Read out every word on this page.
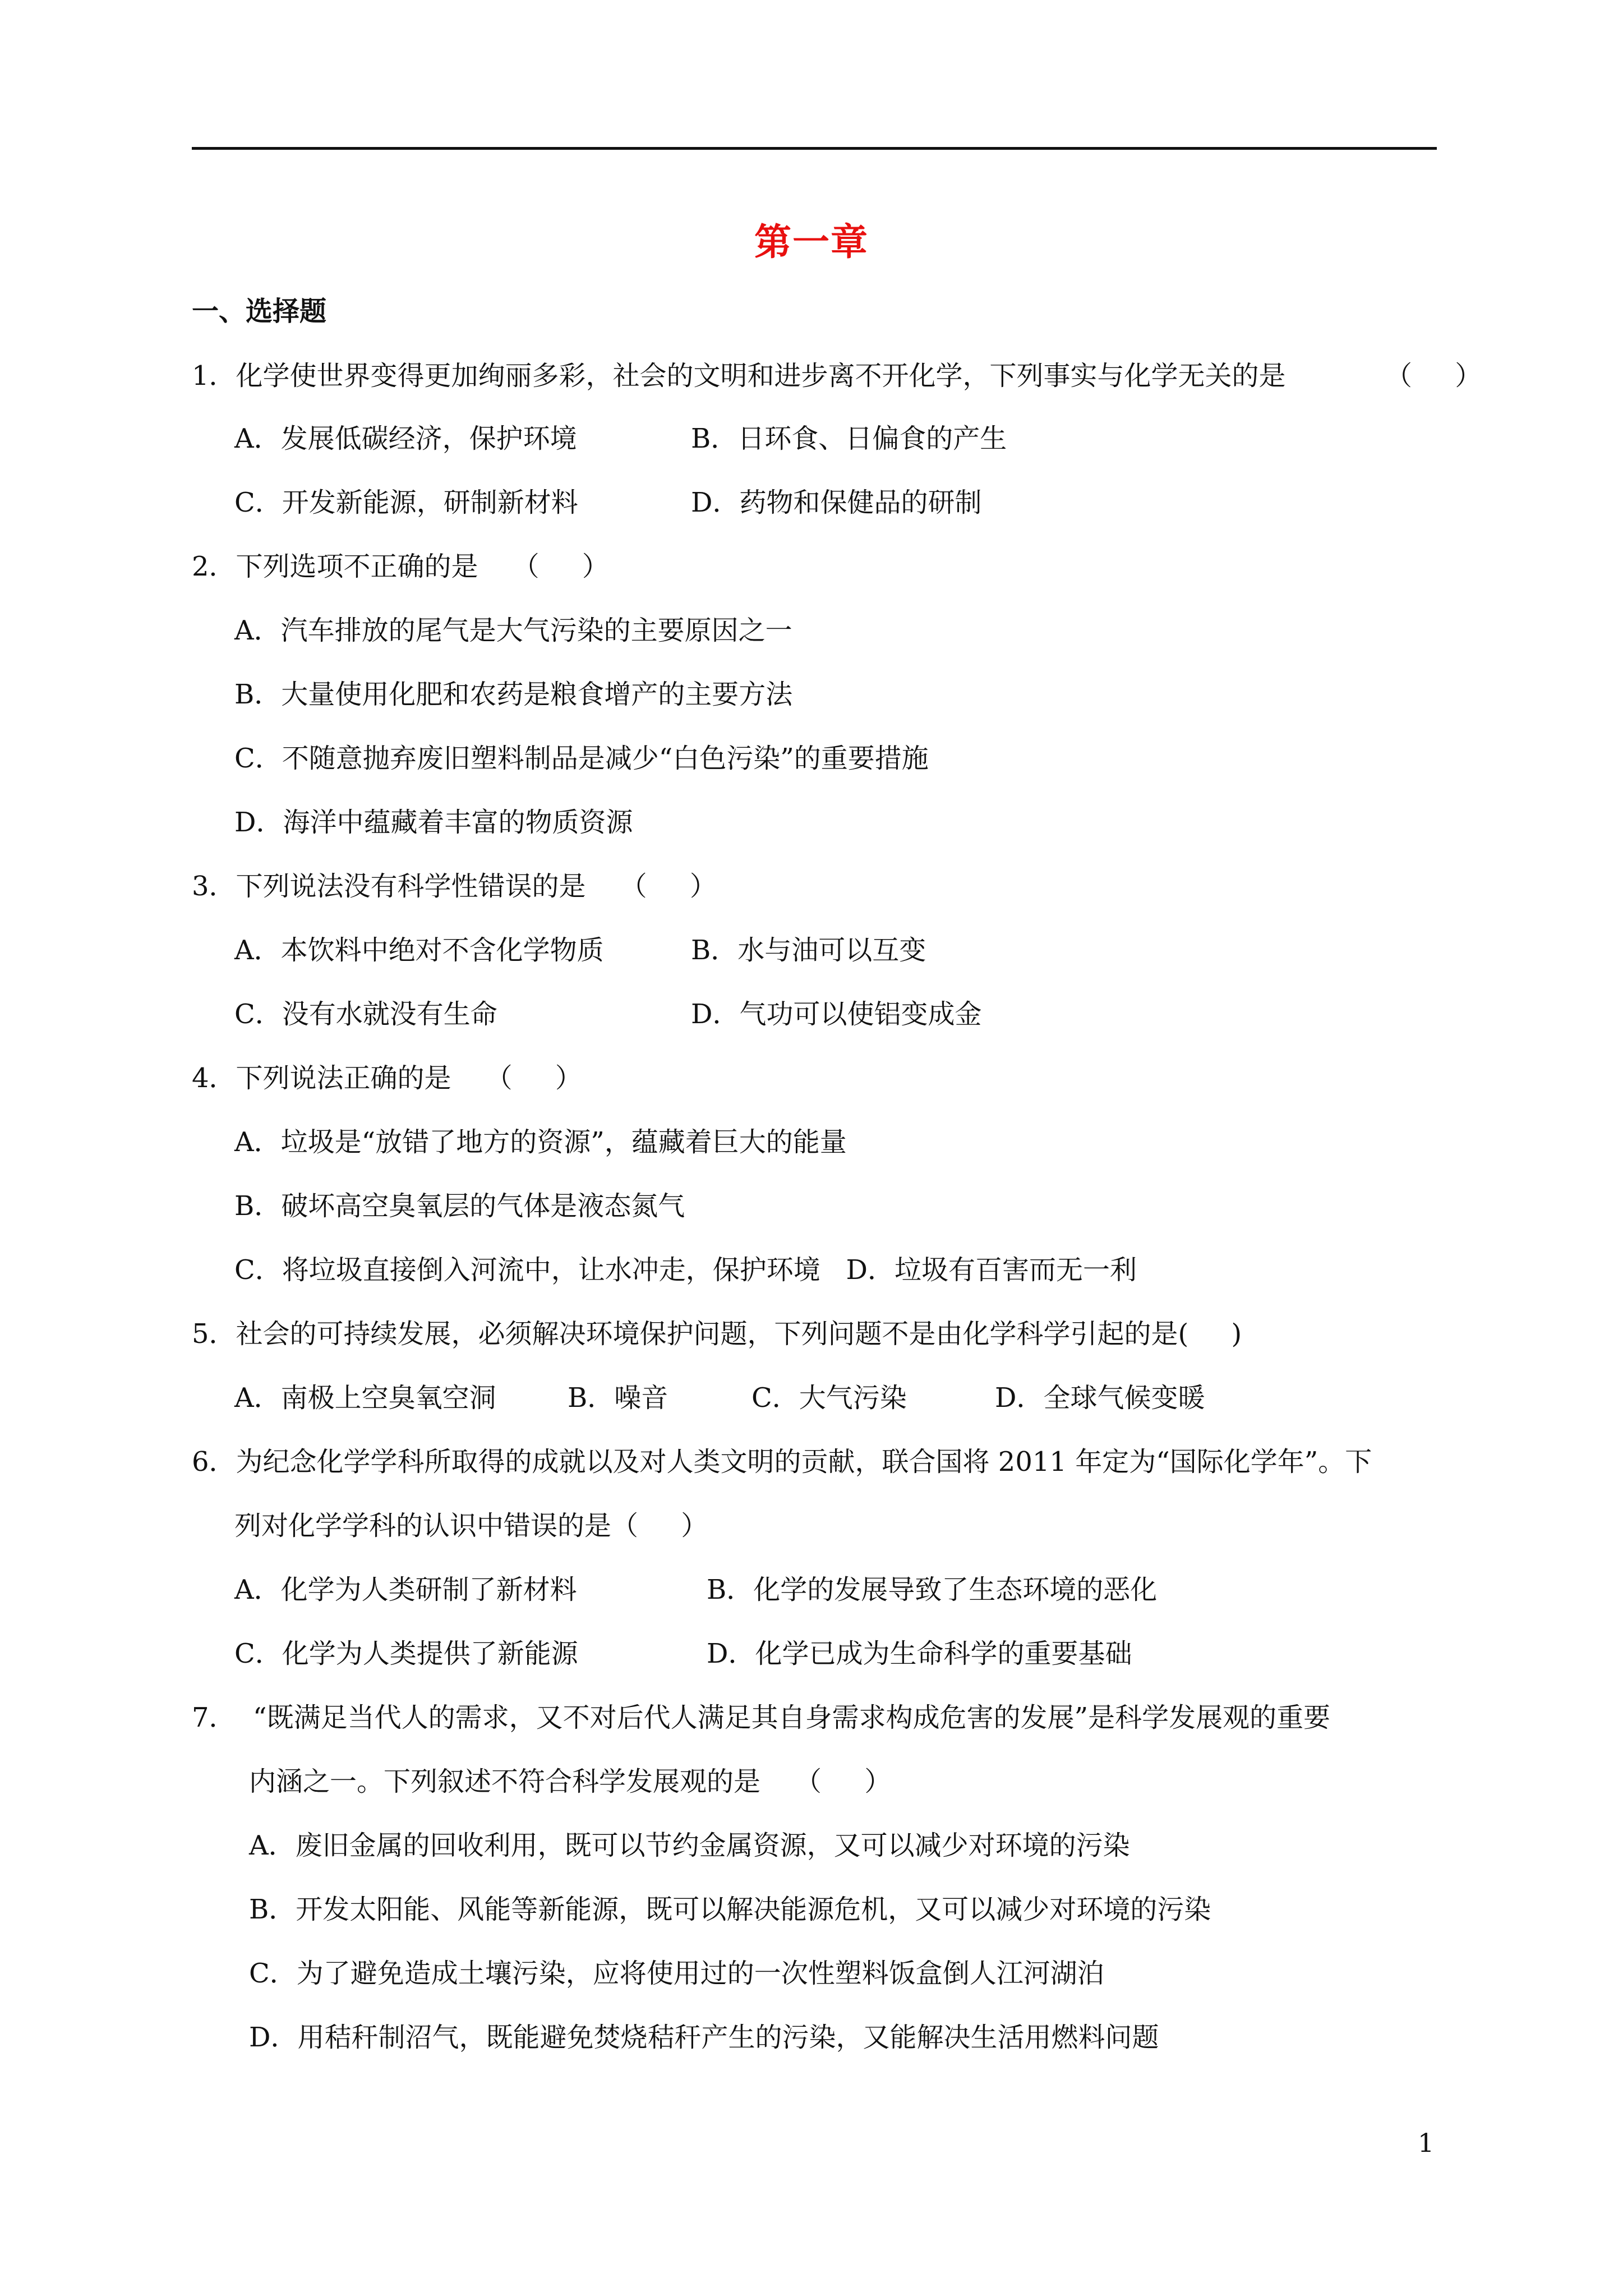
第一章
一、选择题
1．化学使世界变得更加绚丽多彩，社会的文明和进步离不开化学，下列事实与化学无关的是	（     ）
A．发展低碳经济，保护环境	B．日环食、日偏食的产生
C．开发新能源，研制新材料	D．药物和保健品的研制
2．下列选项不正确的是    （     ）
A．汽车排放的尾气是大气污染的主要原因之一
B．大量使用化肥和农药是粮食增产的主要方法
C．不随意抛弃废旧塑料制品是减少“白色污染”的重要措施
D．海洋中蕴藏着丰富的物质资源
3．下列说法没有科学性错误的是    （     ）
A．本饮料中绝对不含化学物质	B．水与油可以互变
C．没有水就没有生命	D．气功可以使铝变成金
4．下列说法正确的是    （     ）
A．垃圾是“放错了地方的资源”，蕴藏着巨大的能量
B．破坏高空臭氧层的气体是液态氮气
C．将垃圾直接倒入河流中，让水冲走，保护环境   D．垃圾有百害而无一利
5．社会的可持续发展，必须解决环境保护问题，下列问题不是由化学科学引起的是(     )
A．南极上空臭氧空洞	B．噪音	C．大气污染	D．全球气候变暖
6．为纪念化学学科所取得的成就以及对人类文明的贡献，联合国将 2011 年定为“国际化学年”。下
列对化学学科的认识中错误的是（     ）
A．化学为人类研制了新材料	B．化学的发展导致了生态环境的恶化
C．化学为人类提供了新能源	D．化学已成为生命科学的重要基础
7．  “既满足当代人的需求，又不对后代人满足其自身需求构成危害的发展”是科学发展观的重要
内涵之一。下列叙述不符合科学发展观的是    （     ）
A．废旧金属的回收利用，既可以节约金属资源，又可以减少对环境的污染
B．开发太阳能、风能等新能源，既可以解决能源危机，又可以减少对环境的污染
C．为了避免造成土壤污染，应将使用过的一次性塑料饭盒倒人江河湖泊
D．用秸秆制沼气，既能避免焚烧秸秆产生的污染，又能解决生活用燃料问题
1
